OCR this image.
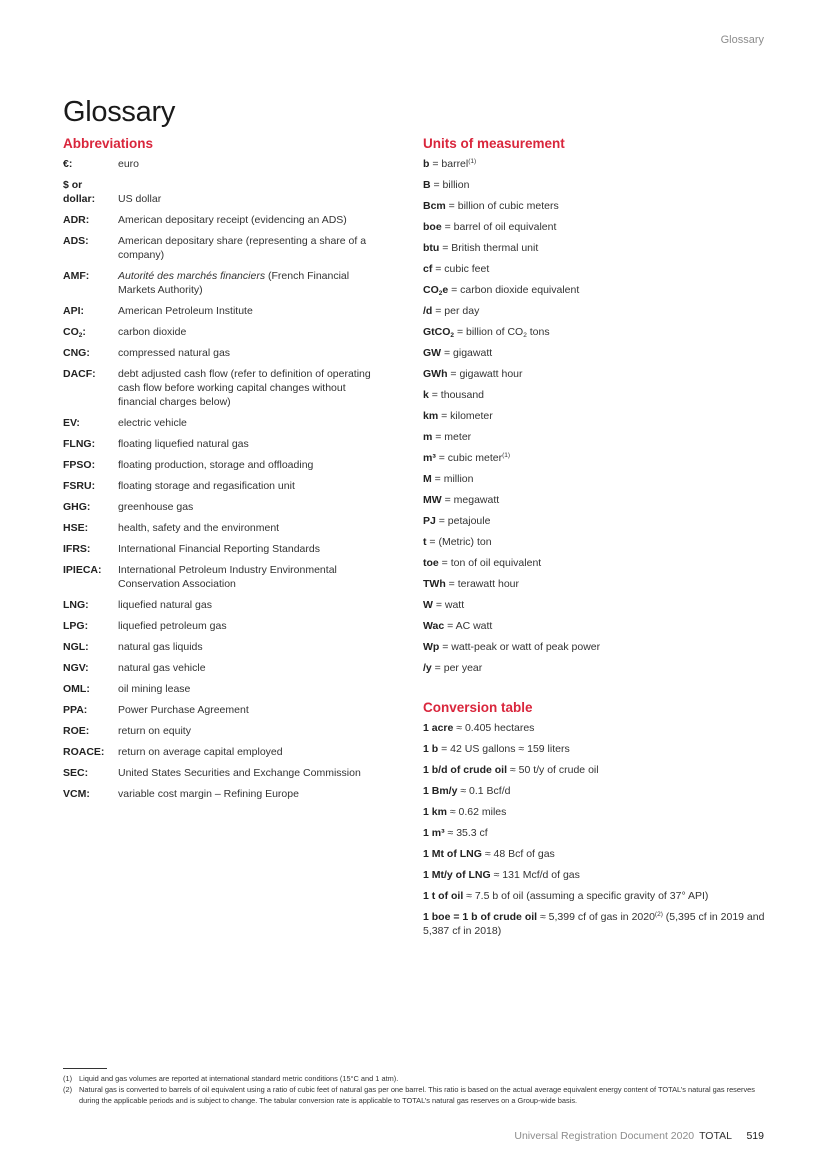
Glossary
Glossary
Abbreviations
€:	euro
$ or
dollar:	US dollar
ADR:	American depositary receipt (evidencing an ADS)
ADS:	American depositary share (representing a share of a company)
AMF:	Autorité des marchés financiers (French Financial Markets Authority)
API:	American Petroleum Institute
$CO_2$:	carbon dioxide
CNG:	compressed natural gas
DACF:	debt adjusted cash flow (refer to definition of operating cash flow before working capital changes without financial charges below)
EV:	electric vehicle
FLNG:	floating liquefied natural gas
FPSO:	floating production, storage and offloading
FSRU:	floating storage and regasification unit
GHG:	greenhouse gas
HSE:	health, safety and the environment
IFRS:	International Financial Reporting Standards
IPIECA:	International Petroleum Industry Environmental Conservation Association
LNG:	liquefied natural gas
LPG:	liquefied petroleum gas
NGL:	natural gas liquids
NGV:	natural gas vehicle
OML:	oil mining lease
PPA:	Power Purchase Agreement
ROE:	return on equity
ROACE:	return on average capital employed
SEC:	United States Securities and Exchange Commission
VCM:	variable cost margin – Refining Europe
Units of measurement
b = barrel$^{(1)}$
B = billion
Bcm = billion of cubic meters
boe = barrel of oil equivalent
btu = British thermal unit
cf = cubic feet
$CO_2e$ = carbon dioxide equivalent
/d = per day
GtCO$_2$ = billion of $CO_2$ tons
GW = gigawatt
GWh = gigawatt hour
k = thousand
km = kilometer
m = meter
m³ = cubic meter$^{(1)}$
M = million
MW = megawatt
PJ = petajoule
t = (Metric) ton
toe = ton of oil equivalent
TWh = terawatt hour
W = watt
Wac = AC watt
Wp = watt-peak or watt of peak power
/y = per year
Conversion table
1 acre ≈ 0.405 hectares
1 b = 42 US gallons ≈ 159 liters
1 b/d of crude oil ≈ 50 t/y of crude oil
1 Bm/y ≈ 0.1 Bcf/d
1 km ≈ 0.62 miles
1 m³ ≈ 35.3 cf
1 Mt of LNG ≈ 48 Bcf of gas
1 Mt/y of LNG ≈ 131 Mcf/d of gas
1 t of oil ≈ 7.5 b of oil (assuming a specific gravity of 37° API)
1 boe = 1 b of crude oil ≈ 5,399 cf of gas in 2020$^{(2)}$ (5,395 cf in 2019 and 5,387 cf in 2018)
(1) Liquid and gas volumes are reported at international standard metric conditions (15°C and 1 atm).
(2) Natural gas is converted to barrels of oil equivalent using a ratio of cubic feet of natural gas per one barrel. This ratio is based on the actual average equivalent energy content of TOTAL’s natural gas reserves during the applicable periods and is subject to change. The tabular conversion rate is applicable to TOTAL’s natural gas reserves on a Group-wide basis.
Universal Registration Document 2020 TOTAL 519
